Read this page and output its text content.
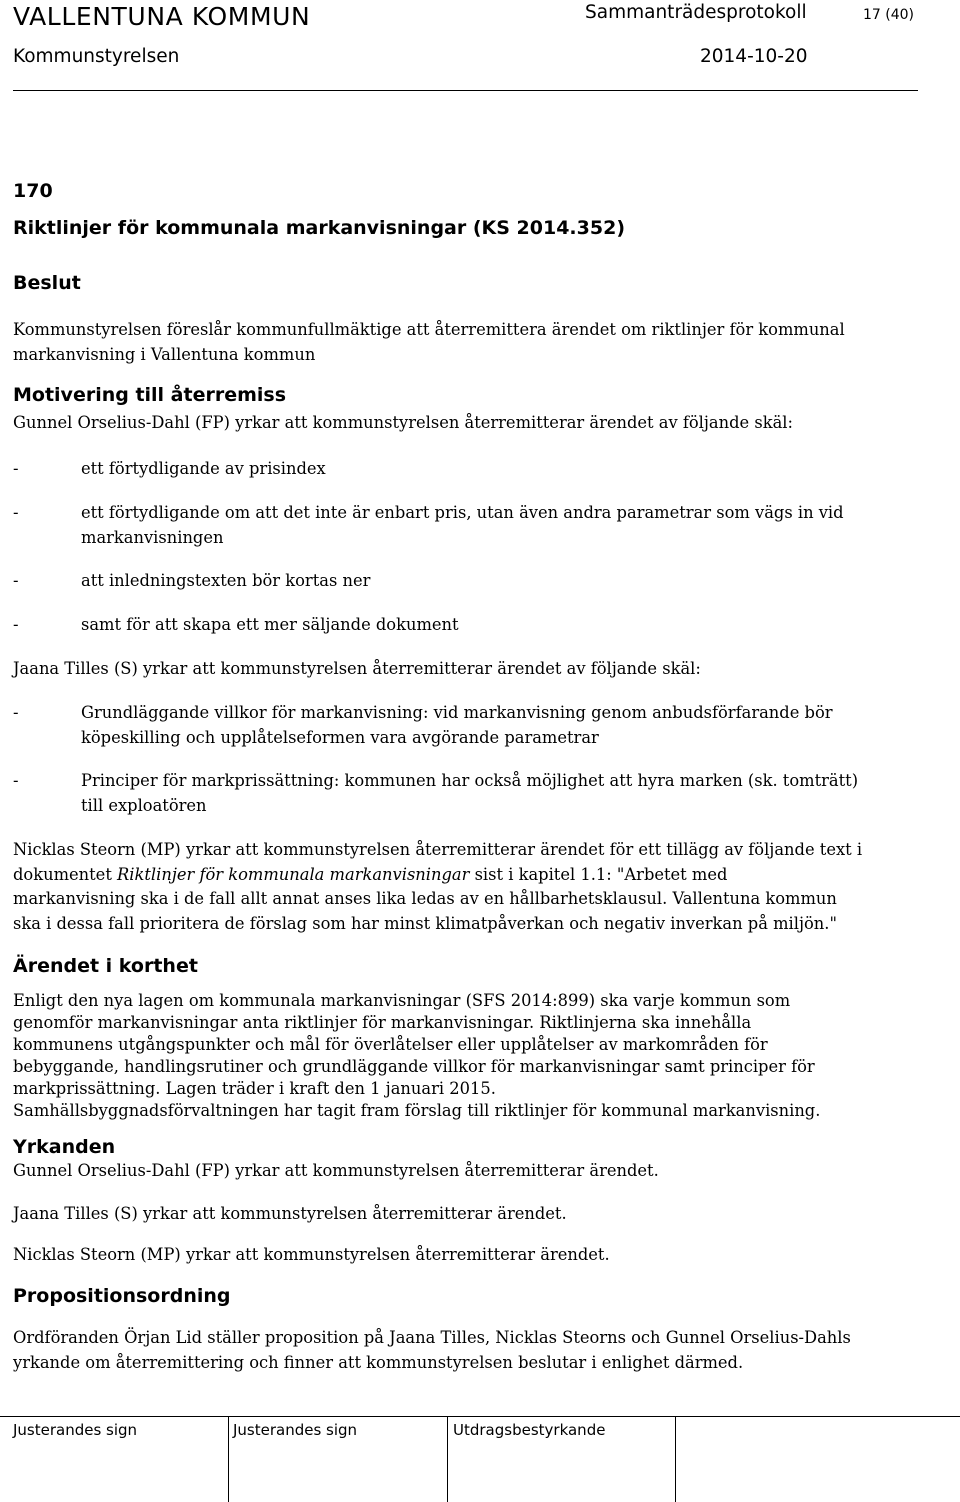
VALLENTUNA KOMMUN	Sammanträdesprotokoll	17 (40)
Kommunstyrelsen	2014-10-20
170
Riktlinjer för kommunala markanvisningar (KS 2014.352)
Beslut
Kommunstyrelsen föreslår kommunfullmäktige att återremittera ärendet om riktlinjer för kommunal
markanvisning i Vallentuna kommun
Motivering till återremiss
Gunnel Orselius-Dahl (FP) yrkar att kommunstyrelsen återremitterar ärendet av följande skäl:
-	ett förtydligande av prisindex
-	ett förtydligande om att det inte är enbart pris, utan även andra parametrar som vägs in vid
markanvisningen
-	att inledningstexten bör kortas ner
-	samt för att skapa ett mer säljande dokument
Jaana Tilles (S) yrkar att kommunstyrelsen återremitterar ärendet av följande skäl:
-	Grundläggande villkor för markanvisning: vid markanvisning genom anbudsförfarande bör
köpeskilling och upplåtelseformen vara avgörande parametrar
-	Principer för markprissättning: kommunen har också möjlighet att hyra marken (sk. tomträtt)
till exploatören
Nicklas Steorn (MP) yrkar att kommunstyrelsen återremitterar ärendet för ett tillägg av följande text i
dokumentet Riktlinjer för kommunala markanvisningar sist i kapitel 1.1: "Arbetet med
markanvisning ska i de fall allt annat anses lika ledas av en hållbarhetsklausul. Vallentuna kommun
ska i dessa fall prioritera de förslag som har minst klimatpåverkan och negativ inverkan på miljön."
Ärendet i korthet
Enligt den nya lagen om kommunala markanvisningar (SFS 2014:899) ska varje kommun som
genomför markanvisningar anta riktlinjer för markanvisningar. Riktlinjerna ska innehålla
kommunens utgångspunkter och mål för överlåtelser eller upplåtelser av markområden för
bebyggande, handlingsrutiner och grundläggande villkor för markanvisningar samt principer för
markprissättning. Lagen träder i kraft den 1 januari 2015.
Samhällsbyggnadsförvaltningen har tagit fram förslag till riktlinjer för kommunal markanvisning.
Yrkanden
Gunnel Orselius-Dahl (FP) yrkar att kommunstyrelsen återremitterar ärendet.
Jaana Tilles (S) yrkar att kommunstyrelsen återremitterar ärendet.
Nicklas Steorn (MP) yrkar att kommunstyrelsen återremitterar ärendet.
Propositionsordning
Ordföranden Örjan Lid ställer proposition på Jaana Tilles, Nicklas Steorns och Gunnel Orselius-Dahls
yrkande om återremittering och finner att kommunstyrelsen beslutar i enlighet därmed.
Justerandes sign	Justerandes sign	Utdragsbestyrkande
